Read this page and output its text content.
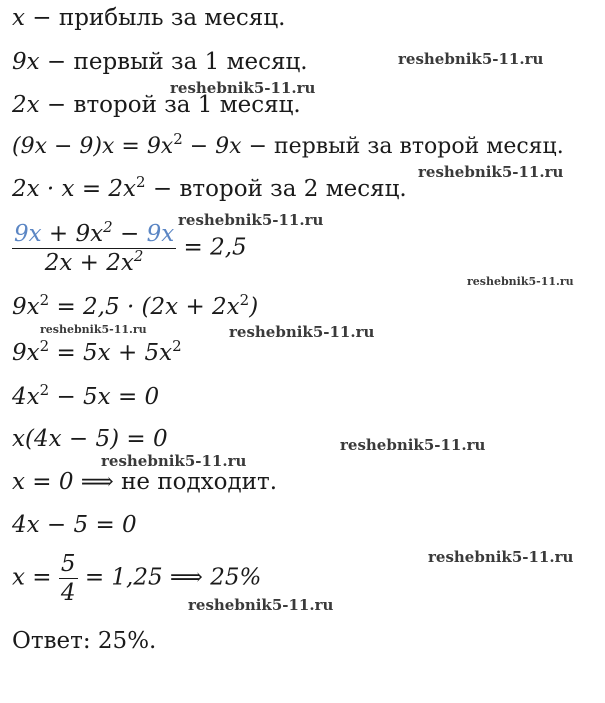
x − прибыль за месяц.
9x − первый за 1 месяц.
2x − второй за 1 месяц.
$(9x - 9)x = 9x^2 - 9x$ − первый за второй месяц.
$2x \cdot x = 2x^2$ − второй за 2 месяц.
$\frac{9x + 9x^2 - 9x}{2x + 2x^2} = 2,5$
$9x^2 = 2,5 \cdot (2x + 2x^2)$
$9x^2 = 5x + 5x^2$
$4x^2 - 5x = 0$
x(4x − 5) = 0
x = 0 ⟹ не подходит.
4x − 5 = 0
$x = \frac{5}{4} = 1,25$ ⟹ 25%
Ответ: 25%.
reshebnik5-11.ru
reshebnik5-11.ru
reshebnik5-11.ru
reshebnik5-11.ru
reshebnik5-11.ru
reshebnik5-11.ru	reshebnik5-11.ru
reshebnik5-11.ru
reshebnik5-11.ru
reshebnik5-11.ru
reshebnik5-11.ru
